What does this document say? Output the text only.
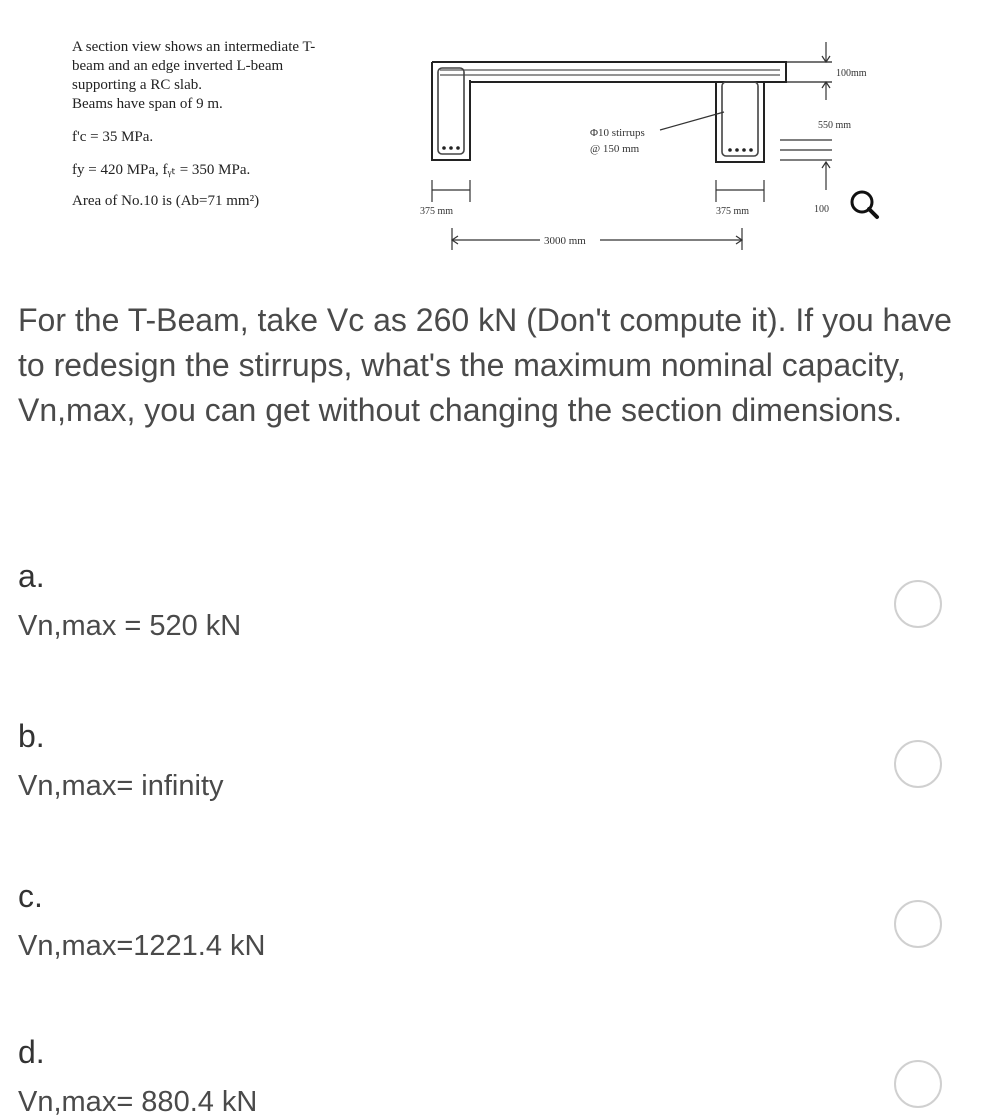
A section view shows an intermediate T-

beam and an edge inverted L-beam

supporting a RC slab.

Beams have span of 9 m.

f'c = 35 MPa.

fy = 420 MPa, fᵧₜ = 350 MPa.

Area of No.10 is (Ab=71 mm²)

100mm
550 mm
Φ10 stirrups
@ 150 mm
375 mm	375 mm
3000 mm
100
For the T-Beam, take Vc as 260 kN (Don't compute it). If you have to redesign the stirrups, what's the maximum nominal capacity, Vn,max, you can get without changing the section dimensions.
a.
Vn,max = 520 kN
b.
Vn,max= infinity
c.
Vn,max=1221.4 kN
d.
Vn,max= 880.4 kN
